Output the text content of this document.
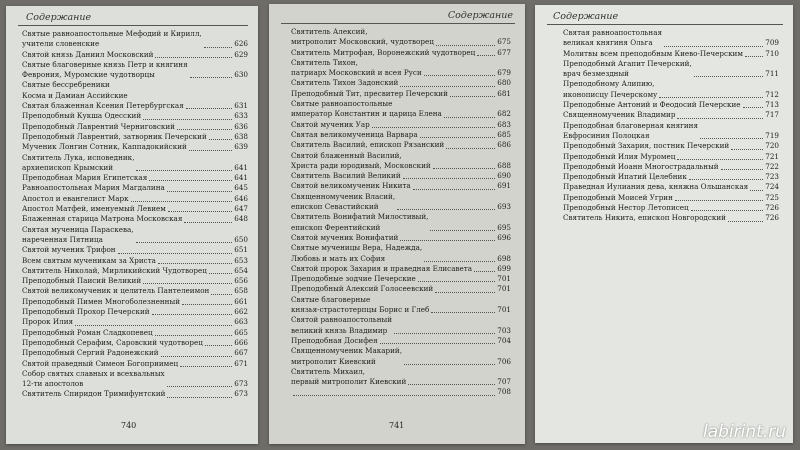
Содержание
Святые равноапостольные Мефодий и Кирилл,
учители словенские	626
Святой князь Даниил Московский	629
Святые благоверные князь Петр и княгиня
Феврония, Муромские чудотворцы	630
Святые бессребреники
Косма и Дамиан Ассийские
Святая блаженная Ксения Петербургская	631
Преподобный Кукша Одесский	633
Преподобный Лаврентий Черниговский	636
Преподобный Лаврентий, затворник Печерский	638
Мученик Лонгин Сотник, Каппадокийский	639
Святитель Лука, исповедник,
архиепископ Крымский	641
Преподобная Мария Египетская	641
Равноапостольная Мария Магдалина	645
Апостол и евангелист Марк	646
Апостол Матфей, именуемый Левием	647
Блаженная старица Матрона Московская	648
Святая мученица Параскева,
нареченная Пятница	650
Святой мученик Трифон	651
Всем святым мученикам за Христа	653
Святитель Николай, Мирликийский Чудотворец	654
Преподобный Паисий Великий	656
Святой великомученик и целитель Пантелеимон	658
Преподобный Пимен Многоболезненный	661
Преподобный Прохор Печерский	662
Пророк Илия	663
Преподобный Роман Сладкопевец	665
Преподобный Серафим, Саровский чудотворец	666
Преподобный Сергий Радонежский	667
Святой праведный Симеон Богоприимец	671
Собор святых славных и всехвальных
12-ти апостолов	673
Святитель Спиридон Тримифунтский	673
740
Содержание
Святитель Алексий,
митрополит Московский, чудотворец	675
Святитель Митрофан, Воронежский чудотворец	677
Святитель Тихон,
патриарх Московский и всея Руси	679
Святитель Тихон Задонский	680
Преподобный Тит, пресвитер Печерский	681
Святые равноапостольные
император Константин и царица Елена	682
Святой мученик Уар	683
Святая великомученица Варвара	685
Святитель Василий, епископ Рязанский	686
Святой блаженный Василий,
Христа ради юродивый, Московский	688
Святитель Василий Великий	690
Святой великомученик Никита	691
Священномученик Власий,
епископ Севастийский	693
Святитель Вонифатий Милостивый,
епископ Ферентийский	695
Святой мученик Вонифатий	696
Святые мученицы Вера, Надежда,
Любовь и мать их София	698
Святой пророк Захария и праведная Елисавета	699
Преподобные зодчие Печерские	701
Преподобный Алексий Голосеевский	701
Святые благоверные
князья-страстотерпцы Борис и Глеб	701
Святой равноапостольный
великий князь Владимир	703
Преподобная Досифея	704
Священномученик Макарий,
митрополит Киевский	706
Святитель Михаил,
первый митрополит Киевский	707
708
741
Содержание
Святая равноапостольная
великая княгиня Ольга	709
Молитвы всем преподобным Киево-Печерским	710
Преподобный Агапит Печерский,
врач безмездный	711
Преподобному Алипию,
иконописцу Печерскому	712
Преподобные Антоний и Феодосий Печерские	713
Священномученик Владимир	717
Преподобная благоверная княгиня
Евфросиния Полоцкая	719
Преподобный Захария, постник Печерский	720
Преподобный Илия Муромец	721
Преподобный Иоанн Многострадальный	722
Преподобный Ипатий Целебник	723
Праведная Иулиания дева, княжна Ольшанская 724
Преподобный Моисей Угрин	725
Преподобный Нестор Летописец	726
Святитель Никита, епископ Новгородский	726
labirint.ru
